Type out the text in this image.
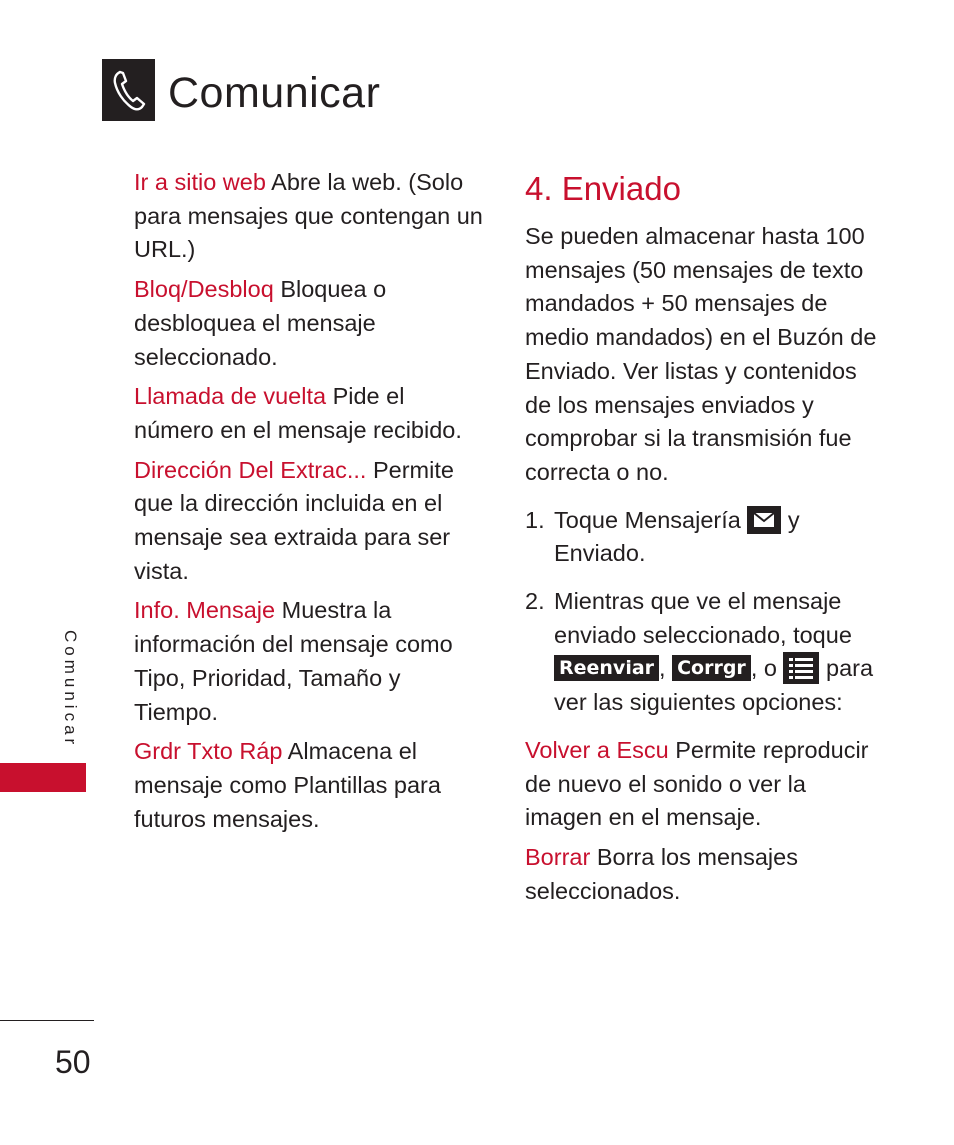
Comunicar
Ir a sitio web Abre la web. (Solo para mensajes que contengan un URL.)
Bloq/Desbloq Bloquea o desbloquea el mensaje seleccionado.
Llamada de vuelta Pide el número en el mensaje recibido.
Dirección Del Extrac... Permite que la dirección incluida en el mensaje sea extraida para ser vista.
Info. Mensaje Muestra la información del mensaje como Tipo, Prioridad, Tamaño y Tiempo.
Grdr Txto Ráp Almacena el mensaje como Plantillas para futuros mensajes.
4. Enviado
Se pueden almacenar hasta 100 mensajes (50 mensajes de texto mandados + 50 mensajes de medio mandados) en el Buzón de Enviado. Ver listas y contenidos de los mensajes enviados y comprobar si la transmisión fue correcta o no.
1. Toque Mensajería
y
Enviado.
2. Mientras que ve el mensaje enviado seleccionado, toque Reenviar , Corrgr , o
para ver las siguientes opciones:
Volver a Escu Permite reproducir de nuevo el sonido o ver la imagen en el mensaje.
Borrar Borra los mensajes seleccionados.
Comunicar
50
